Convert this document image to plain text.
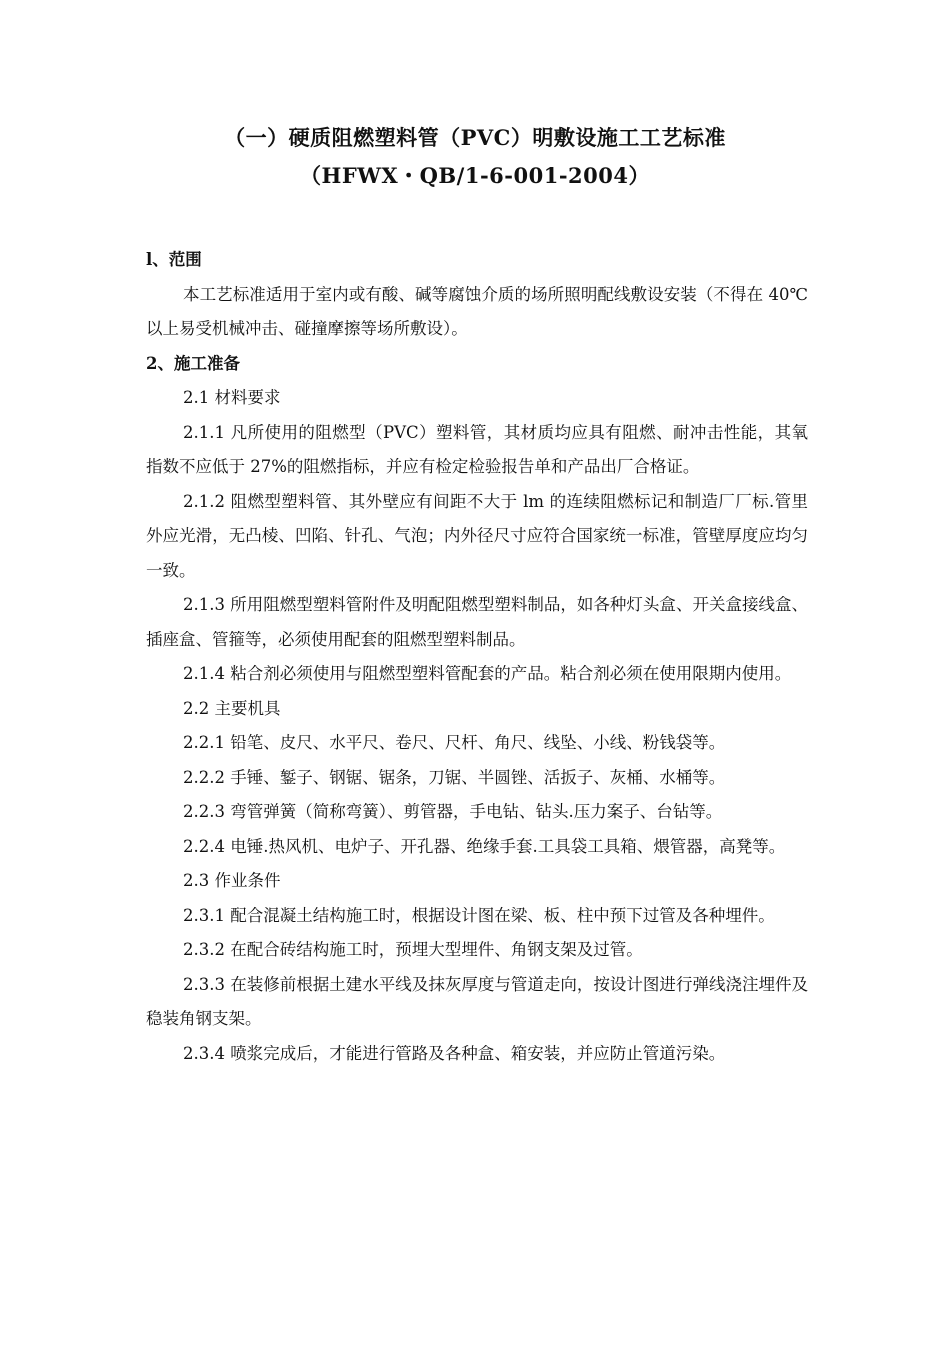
（一）硬质阻燃塑料管（PVC）明敷设施工工艺标准
（HFWX・QB/1-6-001-2004）

l、范围

本工艺标准适用于室内或有酸、碱等腐蚀介质的场所照明配线敷设安装（不得在 40℃以上易受机械冲击、碰撞摩擦等场所敷设）。

2、施工准备

2.1 材料要求

2.1.1 凡所使用的阻燃型（PVC）塑料管，其材质均应具有阻燃、耐冲击性能，其氧指数不应低于 27%的阻燃指标，并应有检定检验报告单和产品出厂合格证。

2.1.2 阻燃型塑料管、其外壁应有间距不大于 lm 的连续阻燃标记和制造厂厂标.管里外应光滑，无凸棱、凹陷、针孔、气泡；内外径尺寸应符合国家统一标准，管壁厚度应均匀一致。

2.1.3 所用阻燃型塑料管附件及明配阻燃型塑料制品，如各种灯头盒、开关盒接线盒、插座盒、管箍等，必须使用配套的阻燃型塑料制品。

2.1.4 粘合剂必须使用与阻燃型塑料管配套的产品。粘合剂必须在使用限期内使用。

2.2 主要机具

2.2.1 铅笔、皮尺、水平尺、卷尺、尺杆、角尺、线坠、小线、粉钱袋等。

2.2.2 手锤、錾子、钢锯、锯条，刀锯、半圆锉、活扳子、灰桶、水桶等。

2.2.3 弯管弹簧（简称弯簧）、剪管器，手电钻、钻头.压力案子、台钻等。

2.2.4 电锤.热风机、电炉子、开孔器、绝缘手套.工具袋工具箱、煨管器，高凳等。

2.3 作业条件

2.3.1 配合混凝土结构施工时，根据设计图在梁、板、柱中预下过管及各种埋件。

2.3.2 在配合砖结构施工时，预埋大型埋件、角钢支架及过管。

2.3.3 在装修前根据土建水平线及抹灰厚度与管道走向，按设计图进行弹线浇注埋件及稳装角钢支架。

2.3.4 喷浆完成后，才能进行管路及各种盒、箱安装，并应防止管道污染。
